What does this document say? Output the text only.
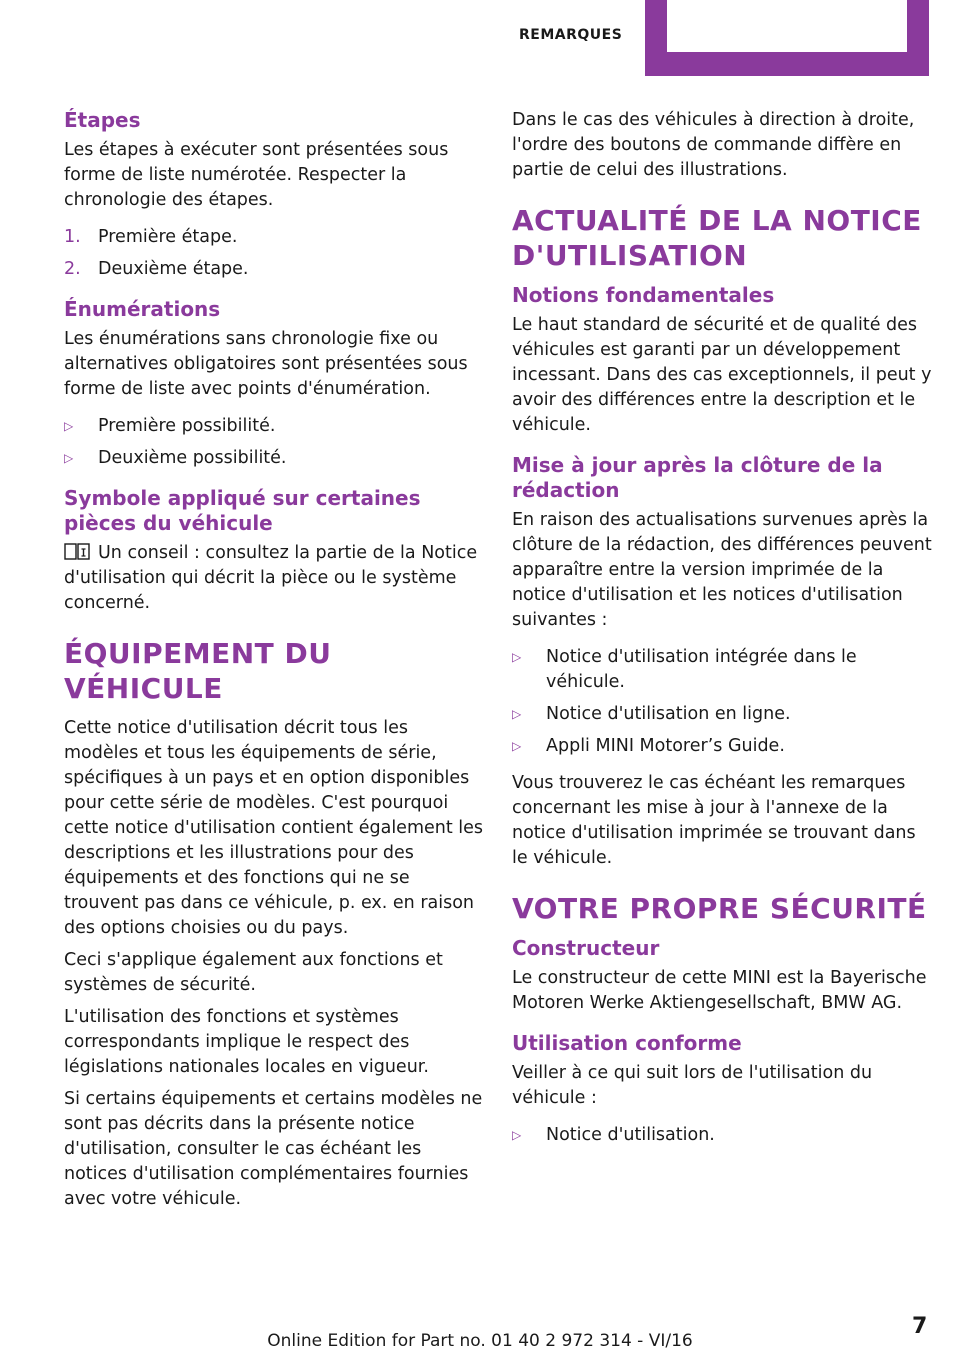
REMARQUES
Étapes

Les étapes à exécuter sont présentées sous forme de liste numérotée. Respecter la chronologie des étapes.

1. Première étape.
2. Deuxième étape.
Énumérations

Les énumérations sans chronologie fixe ou alternatives obligatoires sont présentées sous forme de liste avec points d'énumération.

▷	Première possibilité.
▷	Deuxième possibilité.
Symbole appliqué sur certaines pièces du véhicule

Un conseil : consultez la partie de la Notice d'utilisation qui décrit la pièce ou le système concerné.

ÉQUIPEMENT DU VÉHICULE

Cette notice d'utilisation décrit tous les modèles et tous les équipements de série, spécifiques à un pays et en option disponibles pour cette série de modèles. C'est pourquoi cette notice d'utilisation contient également les descriptions et les illustrations pour des équipements et des fonctions qui ne se trouvent pas dans ce véhicule, p. ex. en raison des options choisies ou du pays.

Ceci s'applique également aux fonctions et systèmes de sécurité.

L'utilisation des fonctions et systèmes correspondants implique le respect des législations nationales locales en vigueur.

Si certains équipements et certains modèles ne sont pas décrits dans la présente notice d'utilisation, consulter le cas échéant les notices d'utilisation complémentaires fournies avec votre véhicule.

Dans le cas des véhicules à direction à droite, l'ordre des boutons de commande diffère en partie de celui des illustrations.

ACTUALITÉ DE LA NOTICE D'UTILISATION
Notions fondamentales

Le haut standard de sécurité et de qualité des véhicules est garanti par un développement incessant. Dans des cas exceptionnels, il peut y avoir des différences entre la description et le véhicule.

Mise à jour après la clôture de la rédaction

En raison des actualisations survenues après la clôture de la rédaction, des différences peuvent apparaître entre la version imprimée de la notice d'utilisation et les notices d'utilisation suivantes :

▷	Notice d'utilisation intégrée dans le véhicule.
▷	Notice d'utilisation en ligne.
▷	Appli MINI Motorer’s Guide.

Vous trouverez le cas échéant les remarques concernant les mise à jour à l'annexe de la notice d'utilisation imprimée se trouvant dans le véhicule.

VOTRE PROPRE SÉCURITÉ
Constructeur

Le constructeur de cette MINI est la Bayerische Motoren Werke Aktiengesellschaft, BMW AG.

Utilisation conforme

Veiller à ce qui suit lors de l'utilisation du véhicule :

▷	Notice d'utilisation.
Online Edition for Part no. 01 40 2 972 314 - VI/16
7
